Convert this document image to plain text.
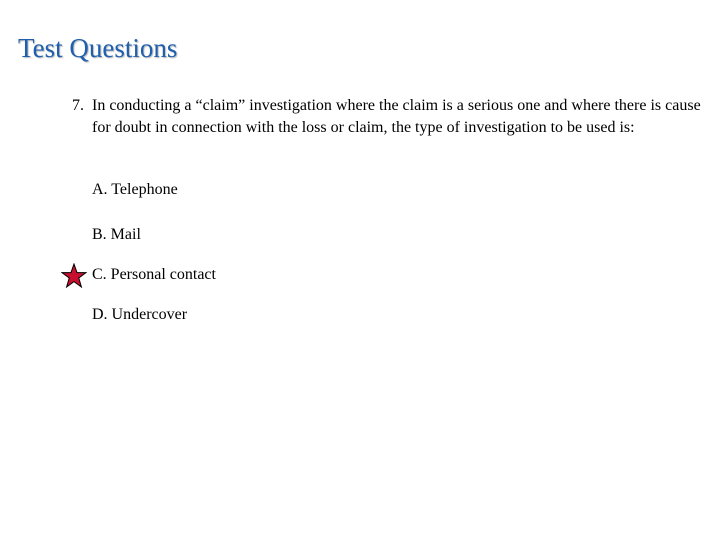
Test Questions
7. In conducting a “claim” investigation where the claim is a serious one and where there is cause for doubt in connection with the loss or claim, the type of investigation to be used is:
A. Telephone
B. Mail
C. Personal contact
D. Undercover
